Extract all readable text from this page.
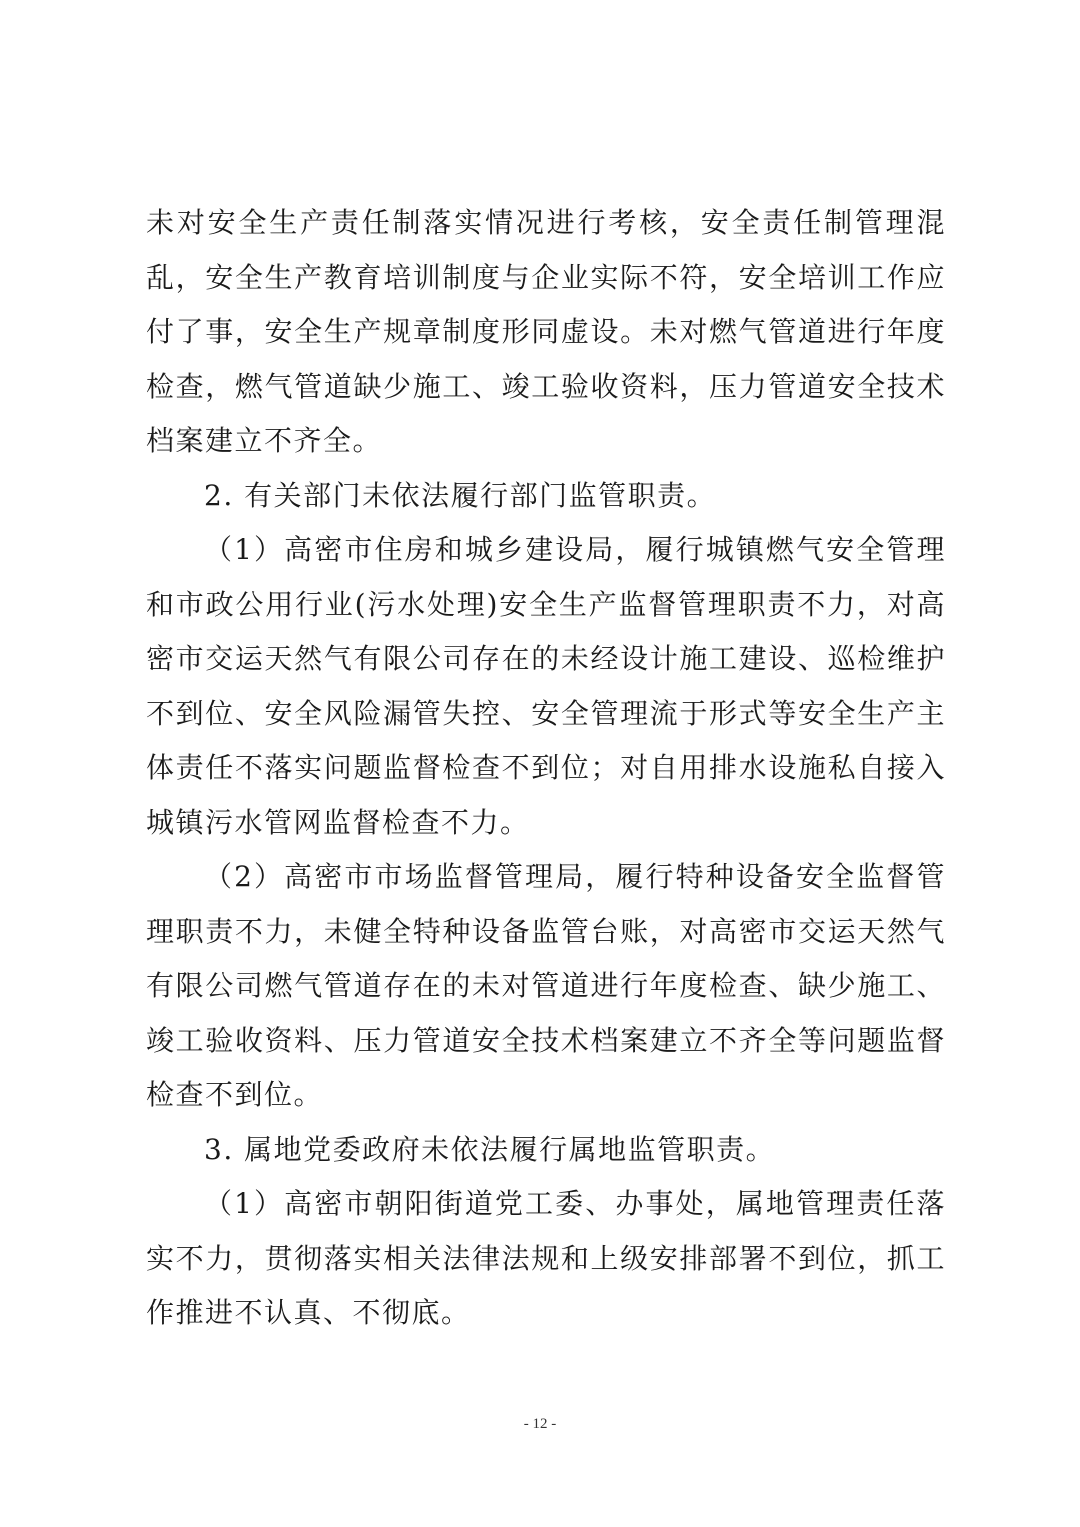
未对安全生产责任制落实情况进行考核，安全责任制管理混乱，安全生产教育培训制度与企业实际不符，安全培训工作应付了事，安全生产规章制度形同虚设。未对燃气管道进行年度检查，燃气管道缺少施工、竣工验收资料，压力管道安全技术档案建立不齐全。

2. 有关部门未依法履行部门监管职责。

（1）高密市住房和城乡建设局，履行城镇燃气安全管理和市政公用行业(污水处理)安全生产监督管理职责不力，对高密市交运天然气有限公司存在的未经设计施工建设、巡检维护不到位、安全风险漏管失控、安全管理流于形式等安全生产主体责任不落实问题监督检查不到位；对自用排水设施私自接入城镇污水管网监督检查不力。

（2）高密市市场监督管理局，履行特种设备安全监督管理职责不力，未健全特种设备监管台账，对高密市交运天然气有限公司燃气管道存在的未对管道进行年度检查、缺少施工、竣工验收资料、压力管道安全技术档案建立不齐全等问题监督检查不到位。

3. 属地党委政府未依法履行属地监管职责。

（1）高密市朝阳街道党工委、办事处，属地管理责任落实不力，贯彻落实相关法律法规和上级安排部署不到位，抓工作推进不认真、不彻底。

- 12 -
